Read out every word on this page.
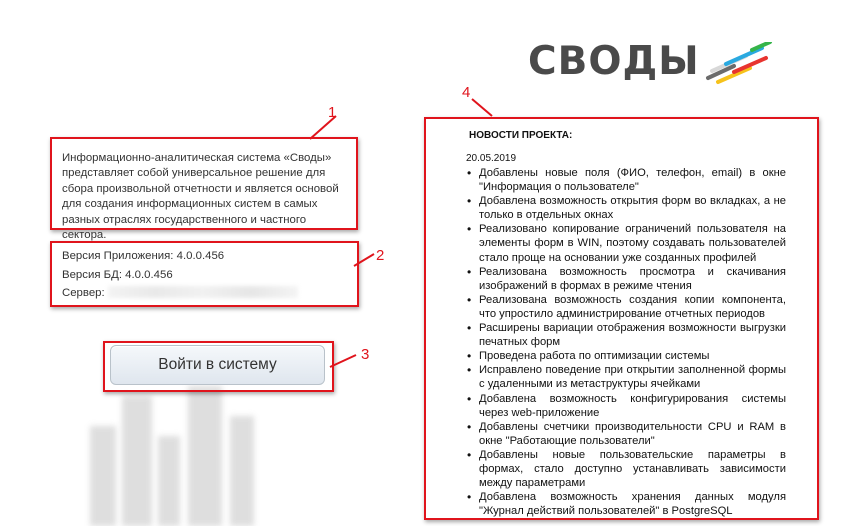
СВОДЫ
1
Информационно-аналитическая система «Своды» представляет собой универсальное решение для сбора произвольной отчетности и является основой для создания информационных систем в самых разных отраслях государственного и частного сектора.
2
Версия Приложения: 4.0.0.456
Версия БД: 4.0.0.456
Сервер:
3
Войти в систему
4
НОВОСТИ ПРОЕКТА:
20.05.2019
• Добавлены новые поля (ФИО, телефон, email) в окне "Информация о пользователе"
• Добавлена возможность открытия форм во вкладках, а не только в отдельных окнах
• Реализовано копирование ограничений пользователя на элементы форм в WIN, поэтому создавать пользователей стало проще на основании уже созданных профилей
• Реализована возможность просмотра и скачивания изображений в формах в режиме чтения
• Реализована возможность создания копии компонента, что упростило администрирование отчетных периодов
• Расширены вариации отображения возможности выгрузки печатных форм
• Проведена работа по оптимизации системы
• Исправлено поведение при открытии заполненной формы с удаленными из метаструктуры ячейками
• Добавлена возможность конфигурирования системы через web-приложение
• Добавлены счетчики производительности CPU и RAM в окне "Работающие пользователи"
• Добавлены новые пользовательские параметры в формах, стало доступно устанавливать зависимости между параметрами
• Добавлена возможность хранения данных модуля "Журнал действий пользователей" в PostgreSQL
